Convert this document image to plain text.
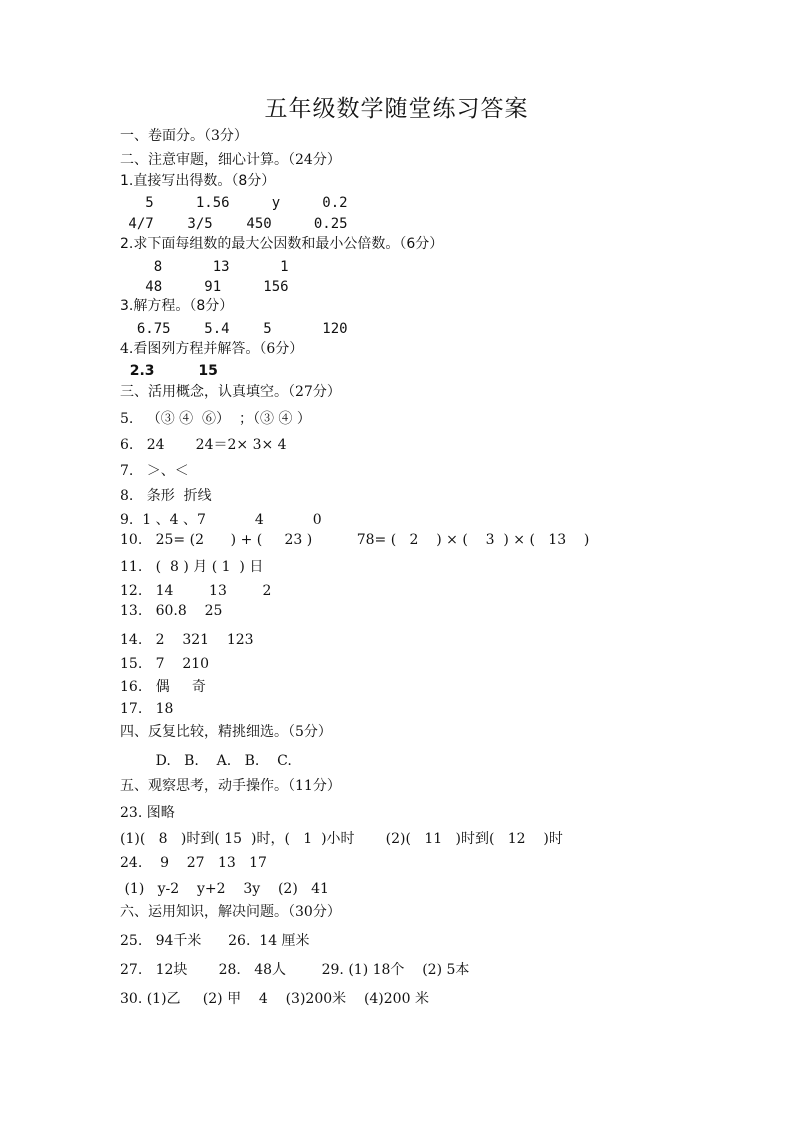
五年级数学随堂练习答案
一、卷面分。（3分）
二、注意审题，细心计算。（24分）
1.直接写出得数。（8分）
5     1.56     y     0.2
4/7    3/5    450     0.25
2.求下面每组数的最大公因数和最小公倍数。（6分）
8      13      1
48     91     156
3.解方程。（8分）
6.75    5.4    5      120
4.看图列方程并解答。（6分）
2.3         15
三、活用概念，认真填空。（27分）
5.   （③ ④  ⑥）  ；（③ ④ ）
6.   24       24＝2× 3× 4
7.   ＞、＜
8.   条形  折线
9.  1 、4 、7           4           0
10.   25= (2      ) + (     23 )          78= (   2    ) × (    3  ) × (   13    )
11.   (  8 ) 月 ( 1  ) 日
12.   14        13        2
13.   60.8    25
14.   2    321    123
15.   7    210
16.   偶     奇
17.   18
四、反复比较，精挑细选。（5分）
D.   B.    A.   B.    C.
五、观察思考，动手操作。（11分）
23. 图略
(1)(   8   )时到( 15  )时，(   1  )小时       (2)(   11   )时到(   12    )时
24.    9    27   13   17
(1)   y-2    y+2    3y    (2)   41
六、运用知识，解决问题。（30分）
25.   94千米      26.  14 厘米
27.   12块       28.   48人        29. (1) 18个    (2) 5本
30. (1)乙     (2) 甲    4    (3)200米    (4)200 米
